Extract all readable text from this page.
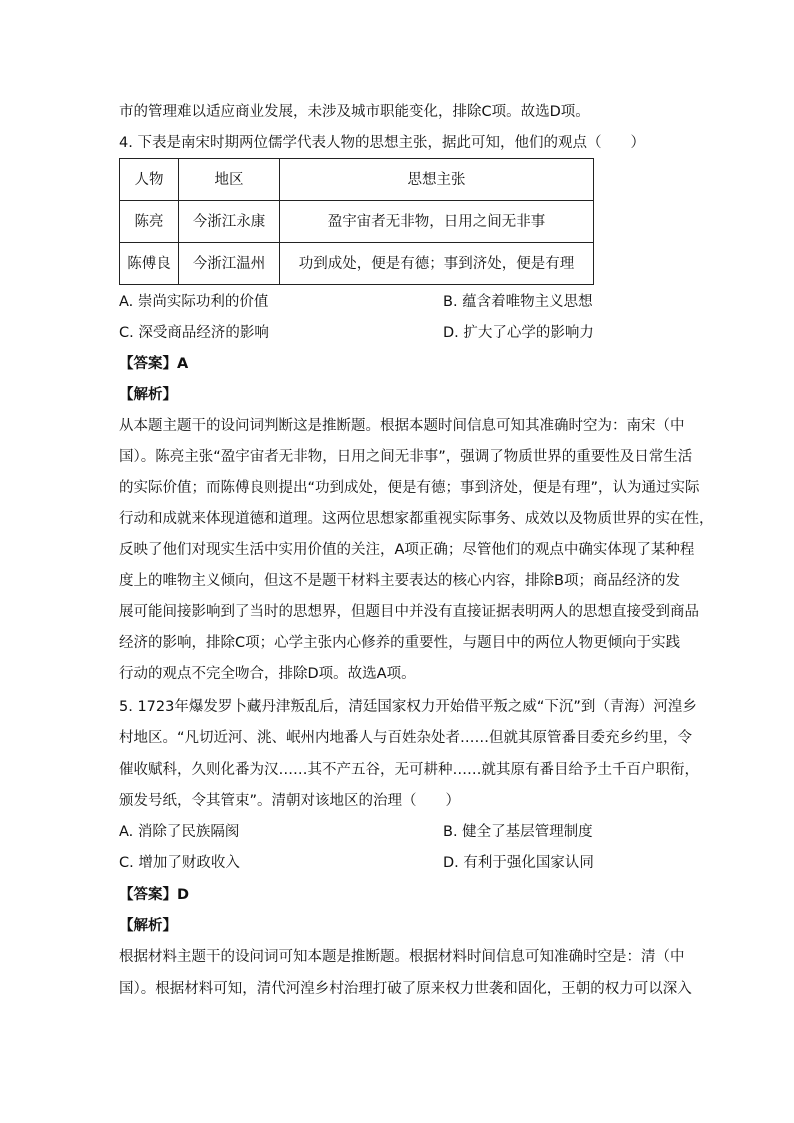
市的管理难以适应商业发展，未涉及城市职能变化，排除C项。故选D项。
4. 下表是南宋时期两位儒学代表人物的思想主张，据此可知，他们的观点（　　）
人物	地区	思想主张
陈亮	今浙江永康	盈宇宙者无非物，日用之间无非事
陈傅良	今浙江温州	功到成处，便是有德；事到济处，便是有理
A. 崇尚实际功利的价值	B. 蕴含着唯物主义思想
C. 深受商品经济的影响	D. 扩大了心学的影响力
【答案】A
【解析】
从本题主题干的设问词判断这是推断题。根据本题时间信息可知其准确时空为：南宋（中
国）。陈亮主张“盈宇宙者无非物，日用之间无非事”，强调了物质世界的重要性及日常生活
的实际价值；而陈傅良则提出“功到成处，便是有德；事到济处，便是有理”，认为通过实际
行动和成就来体现道德和道理。这两位思想家都重视实际事务、成效以及物质世界的实在性，
反映了他们对现实生活中实用价值的关注，A项正确；尽管他们的观点中确实体现了某种程
度上的唯物主义倾向，但这不是题干材料主要表达的核心内容，排除B项；商品经济的发
展可能间接影响到了当时的思想界，但题目中并没有直接证据表明两人的思想直接受到商品
经济的影响，排除C项；心学主张内心修养的重要性，与题目中的两位人物更倾向于实践
行动的观点不完全吻合，排除D项。故选A项。
5. 1723年爆发罗卜藏丹津叛乱后，清廷国家权力开始借平叛之威“下沉”到（青海）河湟乡
村地区。“凡切近河、洮、岷州内地番人与百姓杂处者……但就其原管番目委充乡约里，令
催收赋科，久则化番为汉……其不产五谷，无可耕种……就其原有番目给予土千百户职衔，
颁发号纸，令其管束”。清朝对该地区的治理（　　）
A. 消除了民族隔阂	B. 健全了基层管理制度
C. 增加了财政收入	D. 有利于强化国家认同
【答案】D
【解析】
根据材料主题干的设问词可知本题是推断题。根据材料时间信息可知准确时空是：清（中
国）。根据材料可知，清代河湟乡村治理打破了原来权力世袭和固化，王朝的权力可以深入
